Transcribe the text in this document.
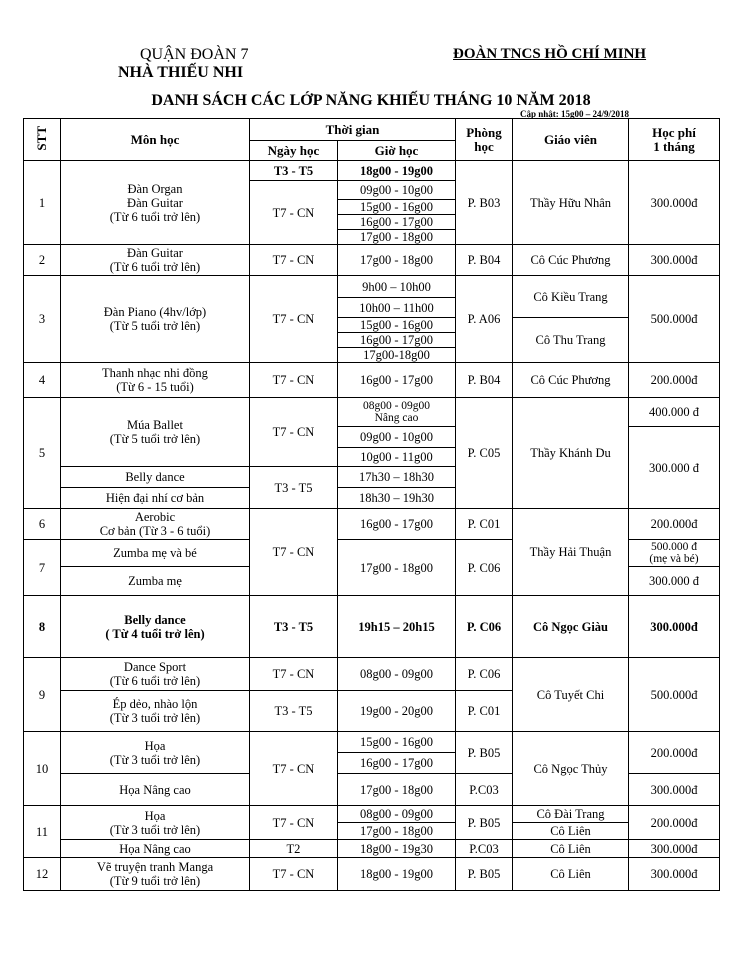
QUẬN ĐOÀN 7
NHÀ THIẾU NHI
ĐOÀN TNCS HỒ CHÍ MINH
DANH SÁCH CÁC LỚP NĂNG KHIẾU THÁNG 10 NĂM 2018
Cập nhật: 15g00 – 24/9/2018
STT	Môn học	Thời gian		Phòng
học	Giáo viên	Học phí
1 tháng
		Ngày học	Giờ học			
1	Đàn Organ
Đàn Guitar
(Từ 6 tuổi trở lên)	T3 - T5	18g00 - 19g00	P. B03	Thầy Hữu Nhân	300.000đ
		T7 - CN	09g00 - 10g00			
			15g00 - 16g00			
			16g00 - 17g00			
			17g00 - 18g00			
2	Đàn Guitar
(Từ 6 tuổi trở lên)	T7 - CN	17g00 - 18g00	P. B04	Cô Cúc Phương	300.000đ
3	Đàn Piano (4hv/lớp)
(Từ 5 tuổi trở lên)	T7 - CN	9h00 – 10h00	P. A06	Cô Kiều Trang	500.000đ
			10h00 – 11h00			
			15g00 - 16g00		Cô Thu Trang	
			16g00 - 17g00			
			17g00-18g00			
4	Thanh nhạc nhi đồng
(Từ 6 - 15 tuổi)	T7 - CN	16g00 - 17g00	P. B04	Cô Cúc Phương	200.000đ
5	Múa Ballet
(Từ 5 tuổi trở lên)	T7 - CN	08g00 - 09g00
Nâng cao	P. C05	Thầy Khánh Du	400.000 đ
			09g00 - 10g00			300.000 đ
			10g00 - 11g00			
	Belly dance	T3 - T5	17h30 – 18h30			
	Hiện đại nhí cơ bản		18h30 – 19h30			
6	Aerobic
Cơ bản (Từ 3 - 6 tuổi)	T7 - CN	16g00 - 17g00	P. C01	Thầy Hải Thuận	200.000đ
7	Zumba mẹ và bé		17g00 - 18g00	P. C06		500.000 đ
(mẹ và bé)
	Zumba mẹ					300.000 đ
8	Belly dance
( Từ 4 tuổi trở lên)	T3 - T5	19h15 – 20h15	P. C06	Cô Ngọc Giàu	300.000đ
9	Dance Sport
(Từ 6 tuổi trở lên)	T7 - CN	08g00 - 09g00	P. C06	Cô Tuyết Chi	500.000đ
	Ép dẻo, nhào lộn
(Từ 3 tuổi trở lên)	T3 - T5	19g00 - 20g00	P. C01		
10	Họa
(Từ 3 tuổi trở lên)	T7 - CN	15g00 - 16g00	P. B05	Cô Ngọc Thủy	200.000đ
			16g00 - 17g00			
	Họa Nâng cao		17g00 - 18g00	P.C03		300.000đ
11	Họa
(Từ 3 tuổi trở lên)	T7 - CN	08g00 - 09g00	P. B05	Cô Đài Trang	200.000đ
			17g00 - 18g00		Cô Liên	
	Họa Nâng cao	T2	18g00 - 19g30	P.C03	Cô Liên	300.000đ
12	Vẽ truyện tranh Manga
(Từ 9 tuổi trở lên)	T7 - CN	18g00 - 19g00	P. B05	Cô Liên	300.000đ
